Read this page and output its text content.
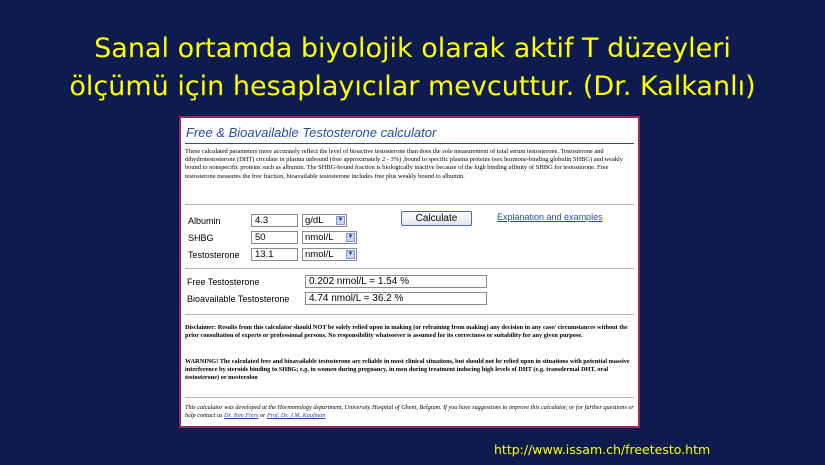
Sanal ortamda biyolojik olarak aktif T düzeyleri
ölçümü için hesaplayıcılar mevcuttur. (Dr. Kalkanlı)
Free & Bioavailable Testosterone calculator

These calculated parameters more accurately reflect the level of bioactive testosterone than does the sole measurement of total serum testosterone. Testosterone and dihydrotestosterone (DHT) circulate in plasma unbound (free approximately 2 - 3%) ,bound to specific plasma proteins (sex hormone-binding globulin SHBG) and weakly bound to nonspecific proteins such as albumin. The SHBG-bound fraction is biologically inactive because of the high binding affinity of SHBG for testosterone. Free testosterone measures the free fraction, bioavailable testosterone includes free plus weakly bound to albumin.

Albumin	4.3	g/dL ▼
SHBG	50	nmol/L ▼
Testosterone	13.1	nmol/L ▼
Calculate	Explanation and examples
Free Testosterone	0.202 nmol/L = 1.54 %
Bioavailable Testosterone	4.74 nmol/L = 36.2 %

Disclaimer: Results from this calculator should NOT be solely relied upon in making (or refraining from making) any decision in any case/ circumstances without the prior consultation of experts or professional persons. No responsibility whatsoever is assumed for its correctness or suitability for any given purpose.

WARNING! The calculated free and bioavailable testosterone are reliable in most clinical situations, but should not be relied upon in situations with potential massive interference by steroids binding to SHBG; e.g. in women during pregnancy, in men during treatment inducing high levels of DHT (e.g. transdermal DHT, oral testosterone) or mesterolon

This calculator was developed at the Hormonology department, University Hospital of Ghent, Belgium. If you have suggestions to improve this calculator, or for further questions or help contact us Dr. Tom Fiers or Prof. Dr. J.M. Kaufman

http://www.issam.ch/freetesto.htm
